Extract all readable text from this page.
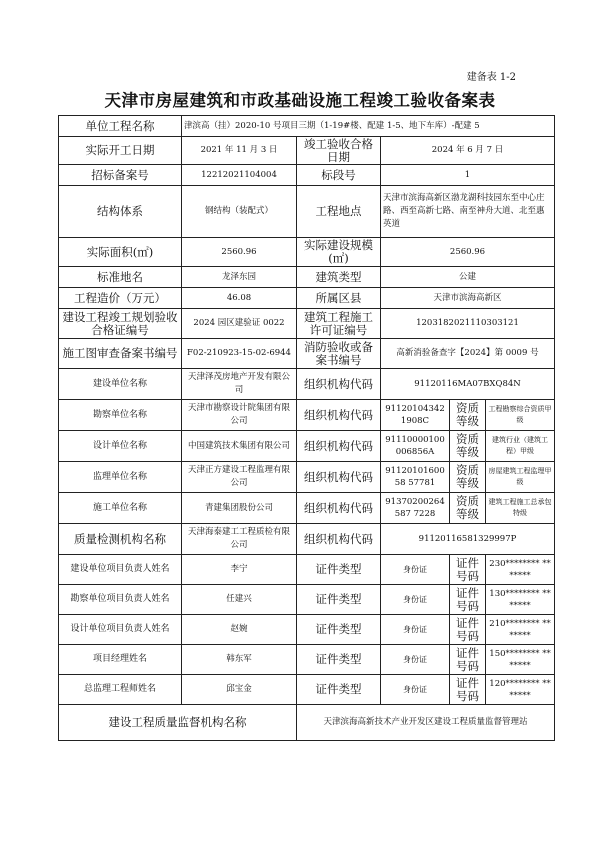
建备表 1-2
天津市房屋建筑和市政基础设施工程竣工验收备案表
单位工程名称	津滨高（挂）2020-10 号项目三期（1-19#楼、配建 1-5、地下车库）-配建 5				
实际开工日期	2021 年 11 月 3 日	竣工验收合格日期	2024 年 6 月 7 日		
招标备案号	12212021104004	标段号	1		
结构体系	钢结构（装配式）	工程地点	天津市滨海高新区渤龙湖科技园东至中心庄路、西至高新七路、南至神舟大道、北至惠英道		
实际面积(㎡)	2560.96	实际建设规模(㎡)	2560.96		
标准地名	龙泽东园	建筑类型	公建		
工程造价（万元）	46.08	所属区县	天津市滨海高新区		
建设工程竣工规划验收合格证编号	2024 园区建验证 0022	建筑工程施工许可证编号	120318202111030312​1		
施工图审查备案书编号	F02-210923-15-02-6944	消防验收或备案书编号	高新消验备查字【2024】第 0009 号		
建设单位名称	天津泽茂房地产开发有限公司	组织机构代码	91120116MA07BXQ84N		
勘察单位名称	天津市勘察设计院集团有限公司	组织机构代码	911201043421908C	资质等级	工程勘察综合资质甲级
设计单位名称	中国建筑技术集团有限公司	组织机构代码	91110000100006856A	资质等级	建筑行业（建筑工程）甲级
监理单位名称	天津正方建设工程监理有限公司	组织机构代码	9112010160058 57781	资质等级	房屋建筑工程监理甲级
施工单位名称	青建集团股份公司	组织机构代码	91370200264587 7228	资质等级	建筑工程施工总承包特级
质量检测机构名称	天津海泰建工工程质检有限公司	组织机构代码	91120116581329997P		
建设单位项目负责人姓名	李宁	证件类型	身份证	证件号码	230******** *******
勘察单位项目负责人姓名	任建兴	证件类型	身份证	证件号码	130******** *******
设计单位项目负责人姓名	赵婉	证件类型	身份证	证件号码	210******** *******
项目经理姓名	韩东军	证件类型	身份证	证件号码	150******** *******
总监理工程师姓名	邱宝金	证件类型	身份证	证件号码	120******** *******
建设工程质量监督机构名称		天津滨海高新技术产业开发区建设工程质量监督管理站			
